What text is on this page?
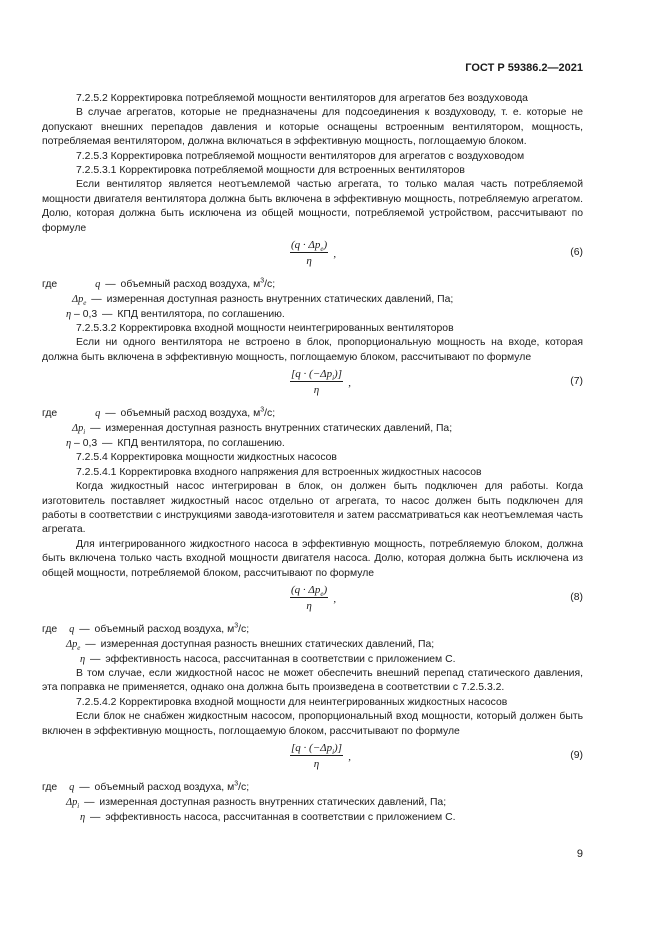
ГОСТ Р 59386.2—2021

7.2.5.2 Корректировка потребляемой мощности вентиляторов для агрегатов без воздуховода

В случае агрегатов, которые не предназначены для подсоединения к воздуховоду, т. е. которые не допускают внешних перепадов давления и которые оснащены встроенным вентилятором, мощность, потребляемая вентилятором, должна включаться в эффективную мощность, поглощаемую блоком.

7.2.5.3 Корректировка потребляемой мощности вентиляторов для агрегатов с воздуховодом

7.2.5.3.1 Корректировка потребляемой мощности для встроенных вентиляторов

Если вентилятор является неотъемлемой частью агрегата, то только малая часть потребляемой мощности двигателя вентилятора должна быть включена в эффективную мощность, потребляемую агрегатом. Долю, которая должна быть исключена из общей мощности, потребляемой устройством, рассчитывают по формуле

$(q \cdot \Delta p_e)$
η
,	(6)
где	q — объемный расход воздуха, $м^3/с$;
$\Delta p_e$ — измеренная доступная разность внутренних статических давлений, Па;
η – 0,3 — КПД вентилятора, по соглашению.

7.2.5.3.2 Корректировка входной мощности неинтегрированных вентиляторов

Если ни одного вентилятора не встроено в блок, пропорциональную мощность на входе, которая должна быть включена в эффективную мощность, поглощаемую блоком, рассчитывают по формуле

$[q \cdot (-\Delta p_i)]$
η
,	(7)
где	q — объемный расход воздуха, $м^3/с$;
$\Delta p_i$ — измеренная доступная разность внутренних статических давлений, Па;
η – 0,3 — КПД вентилятора, по соглашению.

7.2.5.4 Корректировка мощности жидкостных насосов

7.2.5.4.1 Корректировка входного напряжения для встроенных жидкостных насосов

Когда жидкостный насос интегрирован в блок, он должен быть подключен для работы. Когда изготовитель поставляет жидкостный насос отдельно от агрегата, то насос должен быть подключен для работы в соответствии с инструкциями завода-изготовителя и затем рассматриваться как неотъемлемая часть агрегата.

Для интегрированного жидкостного насоса в эффективную мощность, потребляемую блоком, должна быть включена только часть входной мощности двигателя насоса. Долю, которая должна быть исключена из общей мощности, потребляемой блоком, рассчитывают по формуле

$(q \cdot \Delta p_e)$
η
,	(8)
где q — объемный расход воздуха, $м^3/с$;
$\Delta p_e$ — измеренная доступная разность внешних статических давлений, Па;
η — эффективность насоса, рассчитанная в соответствии с приложением С.

В том случае, если жидкостной насос не может обеспечить внешний перепад статического давления, эта поправка не применяется, однако она должна быть произведена в соответствии с 7.2.5.3.2.

7.2.5.4.2 Корректировка входной мощности для неинтегрированных жидкостных насосов

Если блок не снабжен жидкостным насосом, пропорциональный вход мощности, который должен быть включен в эффективную мощность, поглощаемую блоком, рассчитывают по формуле

$[q \cdot (-\Delta p_i)]$
η
,	(9)
где q — объемный расход воздуха, $м^3/с$;
$\Delta p_i$ — измеренная доступная разность внутренних статических давлений, Па;
η — эффективность насоса, рассчитанная в соответствии с приложением С.
9
